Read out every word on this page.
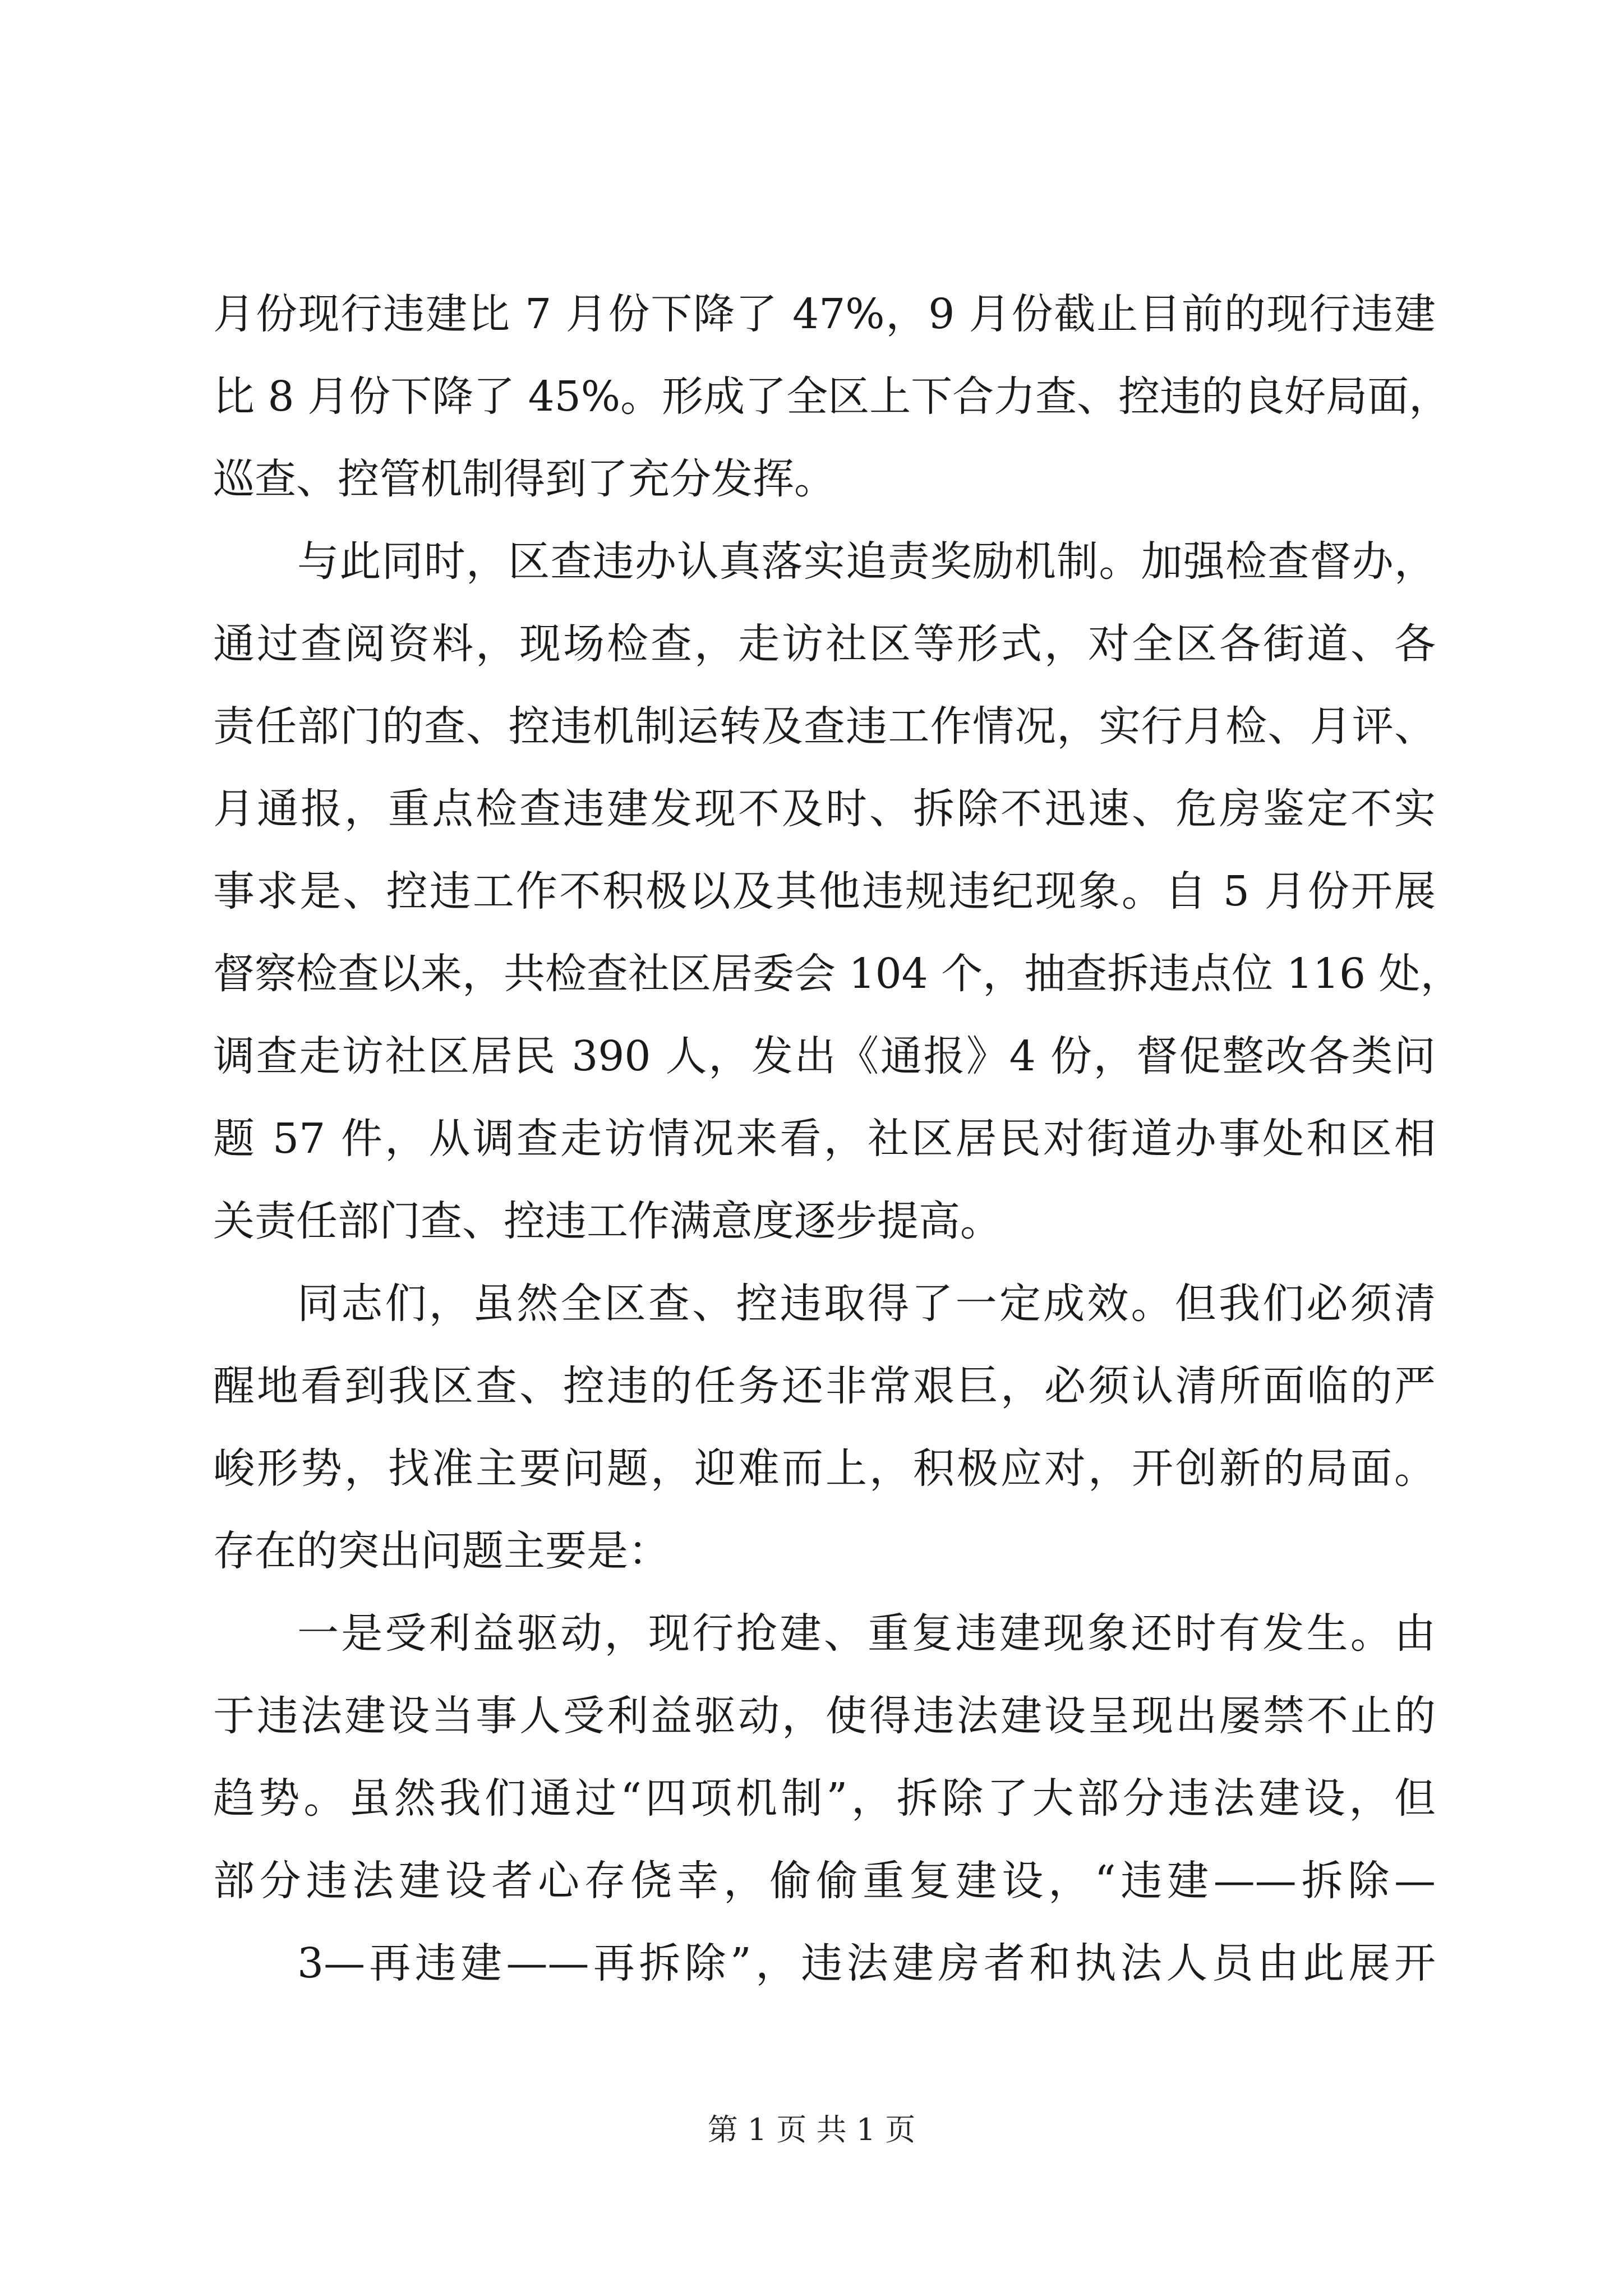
月份现行违建比 7 月份下降了 47%，9 月份截止目前的现行违建
比 8 月份下降了 45%。形成了全区上下合力查、控违的良好局面，
巡查、控管机制得到了充分发挥。
与此同时，区查违办认真落实追责奖励机制。加强检查督办，
通过查阅资料，现场检查，走访社区等形式，对全区各街道、各
责任部门的查、控违机制运转及查违工作情况，实行月检、月评、
月通报，重点检查违建发现不及时、拆除不迅速、危房鉴定不实
事求是、控违工作不积极以及其他违规违纪现象。自 5 月份开展
督察检查以来，共检查社区居委会 104 个，抽查拆违点位 116 处，
调查走访社区居民 390 人，发出《通报》4 份，督促整改各类问
题 57 件，从调查走访情况来看，社区居民对街道办事处和区相
关责任部门查、控违工作满意度逐步提高。
同志们，虽然全区查、控违取得了一定成效。但我们必须清
醒地看到我区查、控违的任务还非常艰巨，必须认清所面临的严
峻形势，找准主要问题，迎难而上，积极应对，开创新的局面。
存在的突出问题主要是：
一是受利益驱动，现行抢建、重复违建现象还时有发生。由
于违法建设当事人受利益驱动，使得违法建设呈现出屡禁不止的
趋势。虽然我们通过“四项机制”，拆除了大部分违法建设，但
部分违法建设者心存侥幸，偷偷重复建设，“违建——拆除—
3—再违建——再拆除”，违法建房者和执法人员由此展开
第 1 页 共 1 页
